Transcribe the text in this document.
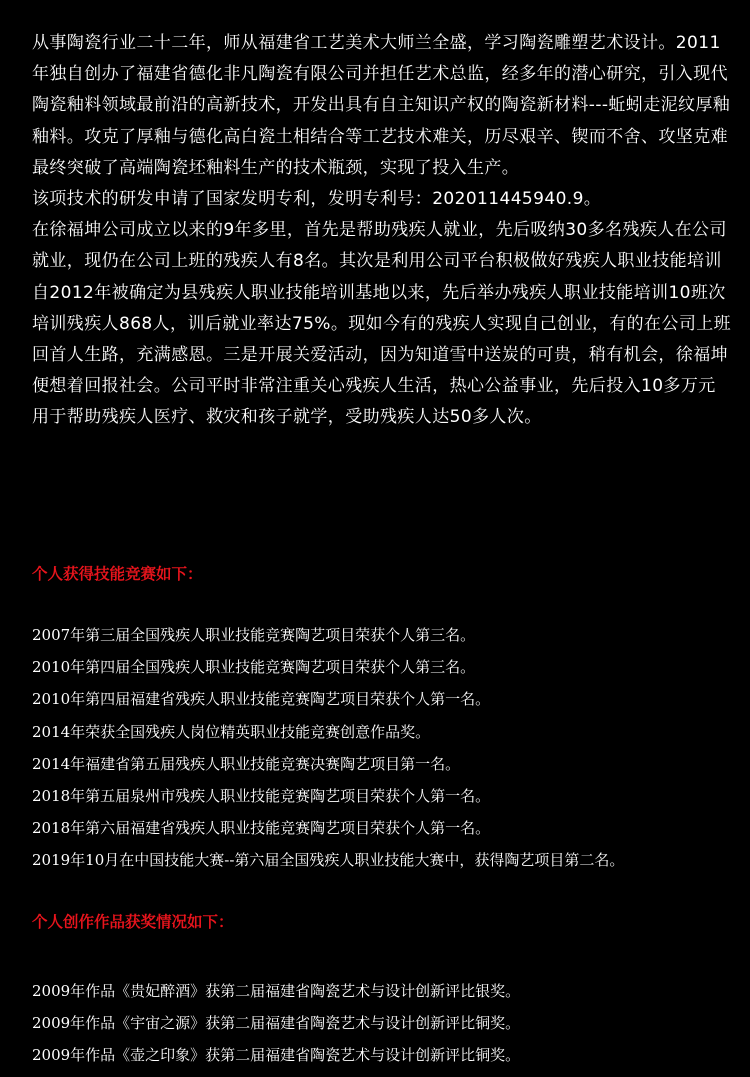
从事陶瓷行业二十二年，师从福建省工艺美术大师兰全盛，学习陶瓷雕塑艺术设计。2011年独自创办了福建省德化非凡陶瓷有限公司并担任艺术总监，经多年的潜心研究，引入现代陶瓷釉料领域最前沿的高新技术，开发出具有自主知识产权的陶瓷新材料---蚯蚓走泥纹厚釉釉料。攻克了厚釉与德化高白瓷土相结合等工艺技术难关，历尽艰辛、锲而不舍、攻坚克难最终突破了高端陶瓷坯釉料生产的技术瓶颈，实现了投入生产。

该项技术的研发申请了国家发明专利，发明专利号：202011445940.9。

在徐福坤公司成立以来的9年多里，首先是帮助残疾人就业，先后吸纳30多名残疾人在公司就业，现仍在公司上班的残疾人有8名。其次是利用公司平台积极做好残疾人职业技能培训自2012年被确定为县残疾人职业技能培训基地以来，先后举办残疾人职业技能培训10班次培训残疾人868人，训后就业率达75%。现如今有的残疾人实现自己创业，有的在公司上班回首人生路，充满感恩。三是开展关爱活动，因为知道雪中送炭的可贵，稍有机会，徐福坤便想着回报社会。公司平时非常注重关心残疾人生活，热心公益事业，先后投入10多万元用于帮助残疾人医疗、救灾和孩子就学，受助残疾人达50多人次。

个人获得技能竞赛如下：
2007年第三届全国残疾人职业技能竞赛陶艺项目荣获个人第三名。
2010年第四届全国残疾人职业技能竞赛陶艺项目荣获个人第三名。
2010年第四届福建省残疾人职业技能竞赛陶艺项目荣获个人第一名。
2014年荣获全国残疾人岗位精英职业技能竞赛创意作品奖。
2014年福建省第五届残疾人职业技能竞赛决赛陶艺项目第一名。
2018年第五届泉州市残疾人职业技能竞赛陶艺项目荣获个人第一名。
2018年第六届福建省残疾人职业技能竞赛陶艺项目荣获个人第一名。
2019年10月在中国技能大赛--第六届全国残疾人职业技能大赛中，获得陶艺项目第二名。
个人创作作品获奖情况如下：
2009年作品《贵妃醉酒》获第二届福建省陶瓷艺术与设计创新评比银奖。
2009年作品《宇宙之源》获第二届福建省陶瓷艺术与设计创新评比铜奖。
2009年作品《壶之印象》获第二届福建省陶瓷艺术与设计创新评比铜奖。
